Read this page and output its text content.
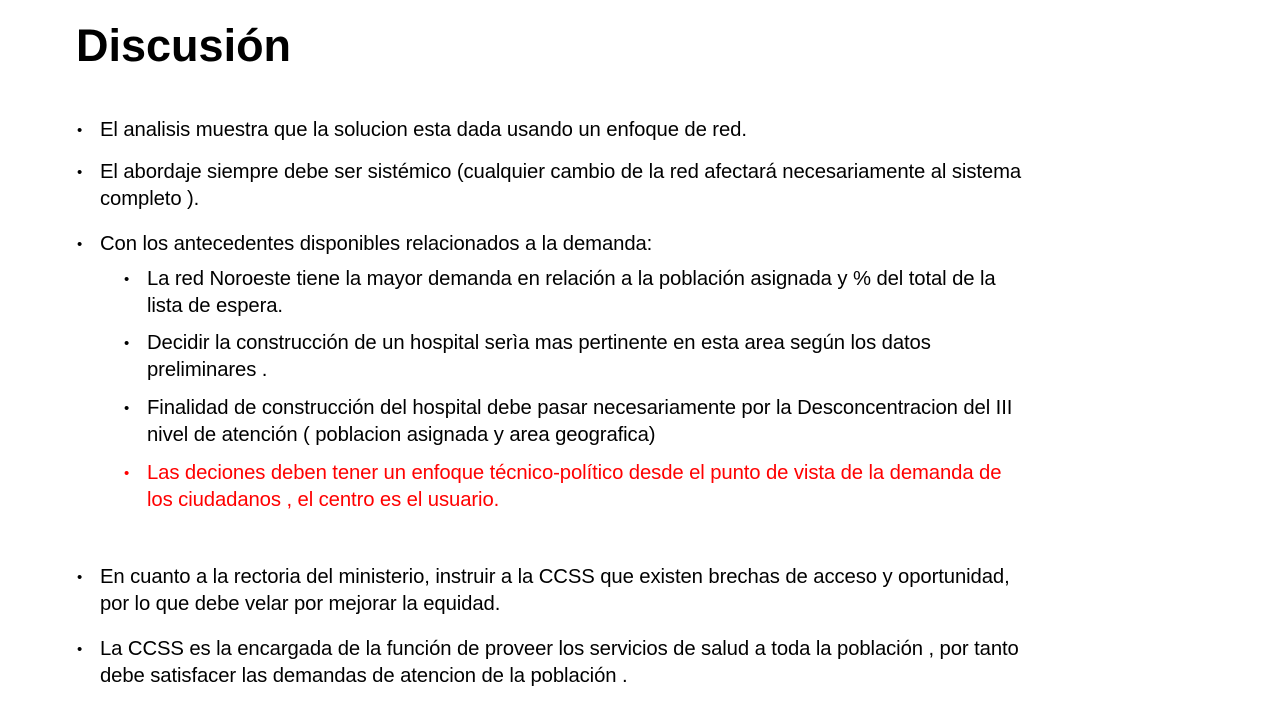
Discusión
• El analisis muestra que la solucion esta dada usando un enfoque de red.
• El abordaje siempre debe ser sistémico (cualquier cambio de la red afectará necesariamente al sistema
completo ).
• Con los antecedentes disponibles relacionados a la demanda:
• La red Noroeste tiene la mayor demanda en relación a la población asignada y % del total de la
lista de espera.
• Decidir la construcción de un hospital serìa mas pertinente en esta area según los datos
preliminares .
• Finalidad de construcción del hospital debe pasar necesariamente por la Desconcentracion del III
nivel de atención ( poblacion asignada y area geografica)
• Las deciones deben tener un enfoque técnico-político desde el punto de vista de la demanda de
los ciudadanos , el centro es el usuario.
• En cuanto a la rectoria del ministerio, instruir a la CCSS que existen brechas de acceso y oportunidad,
por lo que debe velar por mejorar la equidad.
• La CCSS es la encargada de la función de proveer los servicios de salud a toda la población , por tanto
debe satisfacer las demandas de atencion de la población .
